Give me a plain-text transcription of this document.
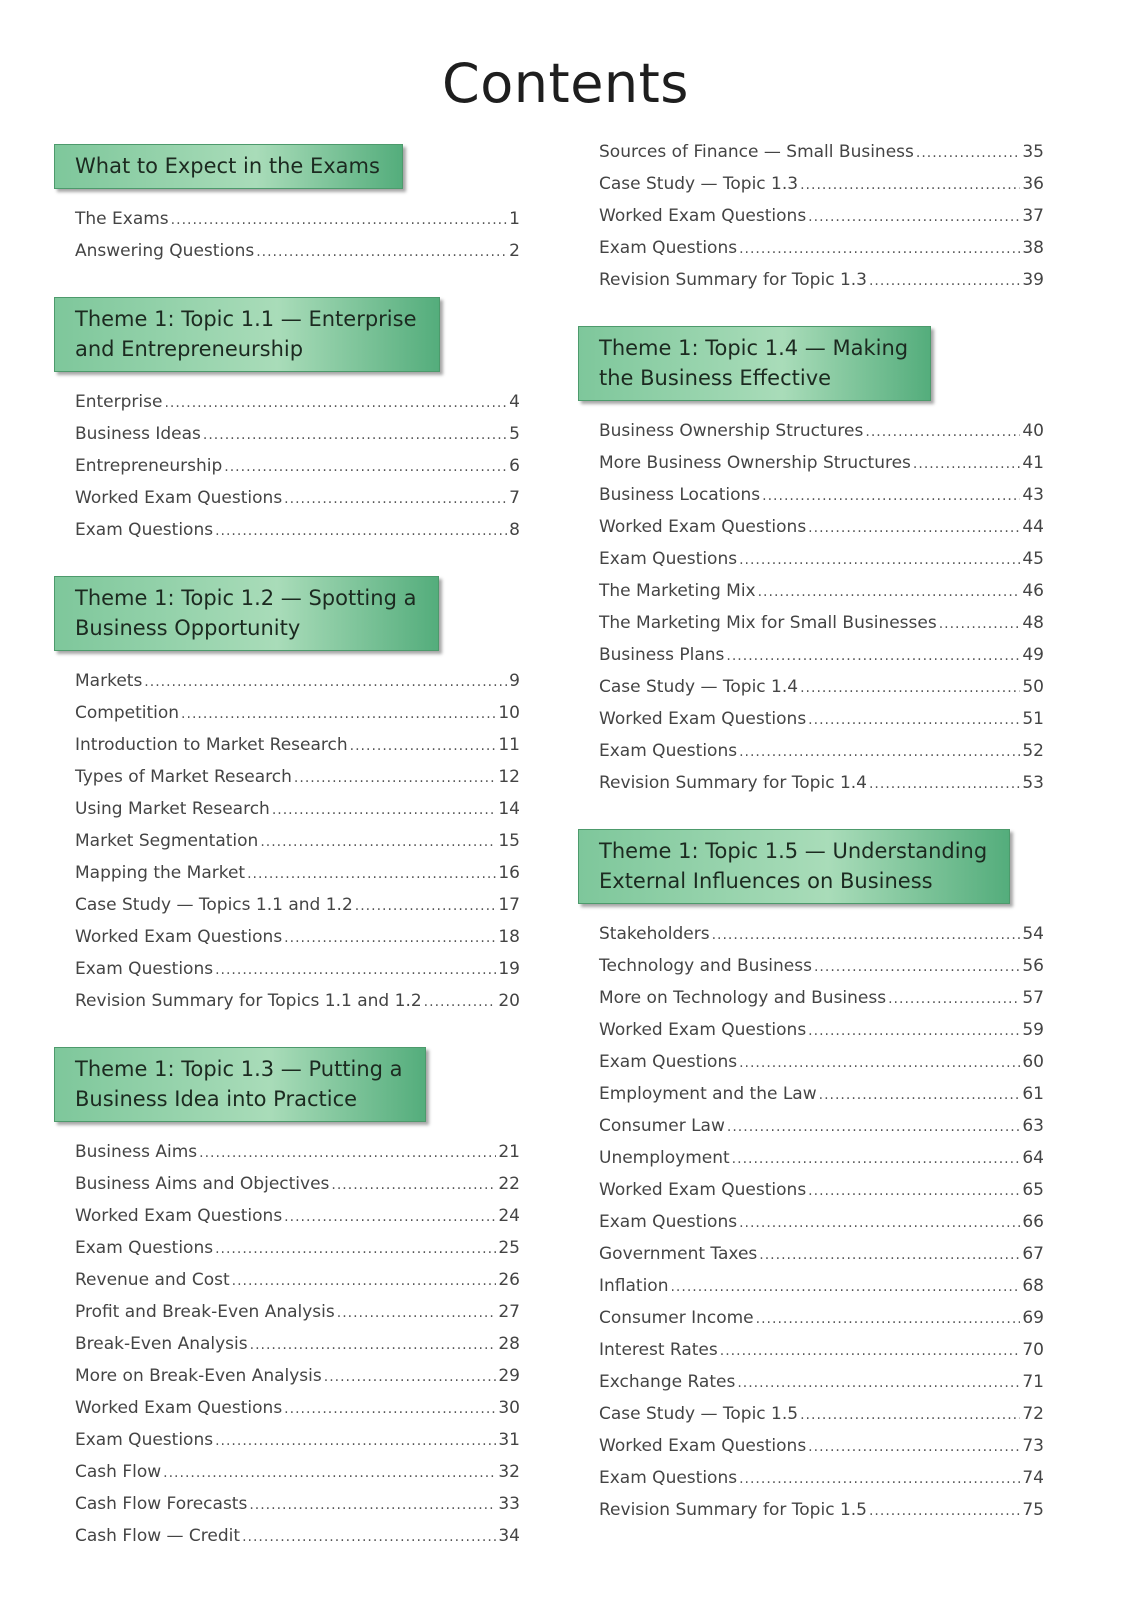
Contents
What to Expect in the Exams
The Exams .....	1
Answering Questions .....	2
Theme 1: Topic 1.1 — Enterprise
and Entrepreneurship
Enterprise .....	4
Business Ideas .....	5
Entrepreneurship .....	6
Worked Exam Questions .....	7
Exam Questions .....	8
Theme 1: Topic 1.2 — Spotting a
Business Opportunity
Markets .....	9
Competition .....	10
Introduction to Market Research .....	11
Types of Market Research .....	12
Using Market Research .....	14
Market Segmentation .....	15
Mapping the Market .....	16
Case Study — Topics 1.1 and 1.2 .....	17
Worked Exam Questions .....	18
Exam Questions .....	19
Revision Summary for Topics 1.1 and 1.2 .....	20
Theme 1: Topic 1.3 — Putting a
Business Idea into Practice
Business Aims .....	21
Business Aims and Objectives .....	22
Worked Exam Questions .....	24
Exam Questions .....	25
Revenue and Cost .....	26
Profit and Break-Even Analysis .....	27
Break-Even Analysis .....	28
More on Break-Even Analysis .....	29
Worked Exam Questions .....	30
Exam Questions .....	31
Cash Flow .....	32
Cash Flow Forecasts .....	33
Cash Flow — Credit .....	34
Sources of Finance — Small Business .....	35
Case Study — Topic 1.3 .....	36
Worked Exam Questions .....	37
Exam Questions .....	38
Revision Summary for Topic 1.3 .....	39
Theme 1: Topic 1.4 — Making
the Business Effective
Business Ownership Structures .....	40
More Business Ownership Structures .....	41
Business Locations .....	43
Worked Exam Questions .....	44
Exam Questions .....	45
The Marketing Mix .....	46
The Marketing Mix for Small Businesses .....	48
Business Plans .....	49
Case Study — Topic 1.4 .....	50
Worked Exam Questions .....	51
Exam Questions .....	52
Revision Summary for Topic 1.4 .....	53
Theme 1: Topic 1.5 — Understanding
External Influences on Business
Stakeholders .....	54
Technology and Business .....	56
More on Technology and Business .....	57
Worked Exam Questions .....	59
Exam Questions .....	60
Employment and the Law .....	61
Consumer Law .....	63
Unemployment .....	64
Worked Exam Questions .....	65
Exam Questions .....	66
Government Taxes .....	67
Inflation .....	68
Consumer Income .....	69
Interest Rates .....	70
Exchange Rates .....	71
Case Study — Topic 1.5 .....	72
Worked Exam Questions .....	73
Exam Questions .....	74
Revision Summary for Topic 1.5 .....	75
